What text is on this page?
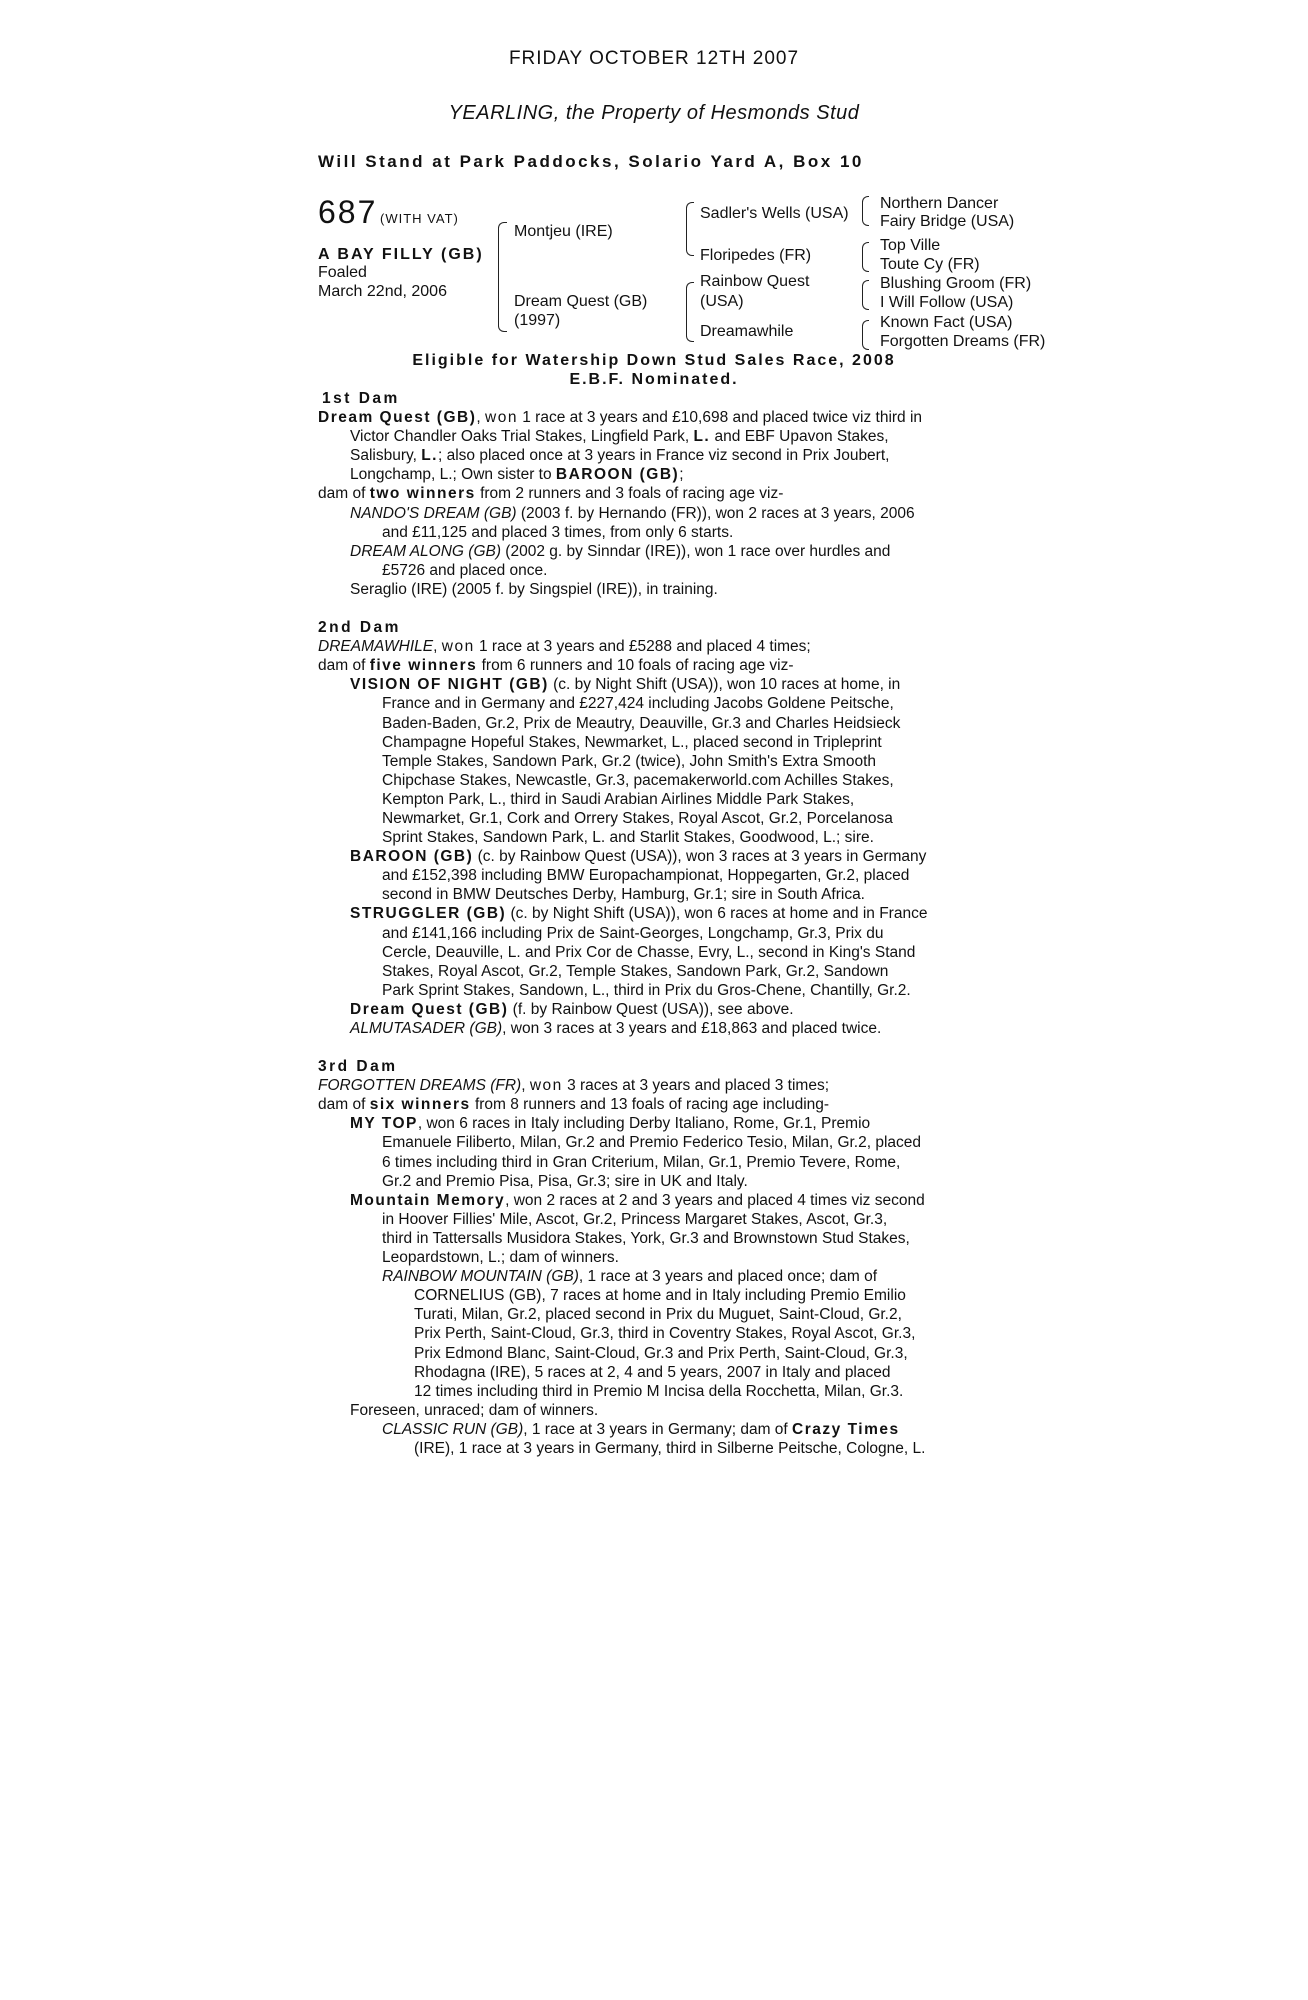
FRIDAY OCTOBER 12TH 2007
YEARLING, the Property of Hesmonds Stud
Will Stand at Park Paddocks, Solario Yard A, Box 10
687 (WITH VAT)
A BAY FILLY (GB)
Foaled
March 22nd, 2006
Montjeu (IRE)
Dream Quest (GB)
(1997)
Sadler's Wells (USA)
Floripedes (FR)
Rainbow Quest
(USA)
Dreamawhile
Northern Dancer
Fairy Bridge (USA)
Top Ville
Toute Cy (FR)
Blushing Groom (FR)
I Will Follow (USA)
Known Fact (USA)
Forgotten Dreams (FR)
Eligible for Watership Down Stud Sales Race, 2008
E.B.F. Nominated.

1st Dam

Dream Quest (GB), won 1 race at 3 years and £10,698 and placed twice viz third in

Victor Chandler Oaks Trial Stakes, Lingfield Park, L. and EBF Upavon Stakes,

Salisbury, L.; also placed once at 3 years in France viz second in Prix Joubert,

Longchamp, L.; Own sister to BAROON (GB);

dam of two winners from 2 runners and 3 foals of racing age viz-

NANDO'S DREAM (GB) (2003 f. by Hernando (FR)), won 2 races at 3 years, 2006

and £11,125 and placed 3 times, from only 6 starts.

DREAM ALONG (GB) (2002 g. by Sinndar (IRE)), won 1 race over hurdles and

£5726 and placed once.

Seraglio (IRE) (2005 f. by Singspiel (IRE)), in training.

2nd Dam

DREAMAWHILE, won 1 race at 3 years and £5288 and placed 4 times;

dam of five winners from 6 runners and 10 foals of racing age viz-

VISION OF NIGHT (GB) (c. by Night Shift (USA)), won 10 races at home, in

France and in Germany and £227,424 including Jacobs Goldene Peitsche,

Baden-Baden, Gr.2, Prix de Meautry, Deauville, Gr.3 and Charles Heidsieck

Champagne Hopeful Stakes, Newmarket, L., placed second in Tripleprint

Temple Stakes, Sandown Park, Gr.2 (twice), John Smith's Extra Smooth

Chipchase Stakes, Newcastle, Gr.3, pacemakerworld.com Achilles Stakes,

Kempton Park, L., third in Saudi Arabian Airlines Middle Park Stakes,

Newmarket, Gr.1, Cork and Orrery Stakes, Royal Ascot, Gr.2, Porcelanosa

Sprint Stakes, Sandown Park, L. and Starlit Stakes, Goodwood, L.; sire.

BAROON (GB) (c. by Rainbow Quest (USA)), won 3 races at 3 years in Germany

and £152,398 including BMW Europachampionat, Hoppegarten, Gr.2, placed

second in BMW Deutsches Derby, Hamburg, Gr.1; sire in South Africa.

STRUGGLER (GB) (c. by Night Shift (USA)), won 6 races at home and in France

and £141,166 including Prix de Saint-Georges, Longchamp, Gr.3, Prix du

Cercle, Deauville, L. and Prix Cor de Chasse, Evry, L., second in King's Stand

Stakes, Royal Ascot, Gr.2, Temple Stakes, Sandown Park, Gr.2, Sandown

Park Sprint Stakes, Sandown, L., third in Prix du Gros-Chene, Chantilly, Gr.2.

Dream Quest (GB) (f. by Rainbow Quest (USA)), see above.

ALMUTASADER (GB), won 3 races at 3 years and £18,863 and placed twice.

3rd Dam

FORGOTTEN DREAMS (FR), won 3 races at 3 years and placed 3 times;

dam of six winners from 8 runners and 13 foals of racing age including-

MY TOP, won 6 races in Italy including Derby Italiano, Rome, Gr.1, Premio

Emanuele Filiberto, Milan, Gr.2 and Premio Federico Tesio, Milan, Gr.2, placed

6 times including third in Gran Criterium, Milan, Gr.1, Premio Tevere, Rome,

Gr.2 and Premio Pisa, Pisa, Gr.3; sire in UK and Italy.

Mountain Memory, won 2 races at 2 and 3 years and placed 4 times viz second

in Hoover Fillies' Mile, Ascot, Gr.2, Princess Margaret Stakes, Ascot, Gr.3,

third in Tattersalls Musidora Stakes, York, Gr.3 and Brownstown Stud Stakes,

Leopardstown, L.; dam of winners.

RAINBOW MOUNTAIN (GB), 1 race at 3 years and placed once; dam of

CORNELIUS (GB), 7 races at home and in Italy including Premio Emilio

Turati, Milan, Gr.2, placed second in Prix du Muguet, Saint-Cloud, Gr.2,

Prix Perth, Saint-Cloud, Gr.3, third in Coventry Stakes, Royal Ascot, Gr.3,

Prix Edmond Blanc, Saint-Cloud, Gr.3 and Prix Perth, Saint-Cloud, Gr.3,

Rhodagna (IRE), 5 races at 2, 4 and 5 years, 2007 in Italy and placed

12 times including third in Premio M Incisa della Rocchetta, Milan, Gr.3.

Foreseen, unraced; dam of winners.

CLASSIC RUN (GB), 1 race at 3 years in Germany; dam of Crazy Times

(IRE), 1 race at 3 years in Germany, third in Silberne Peitsche, Cologne, L.
